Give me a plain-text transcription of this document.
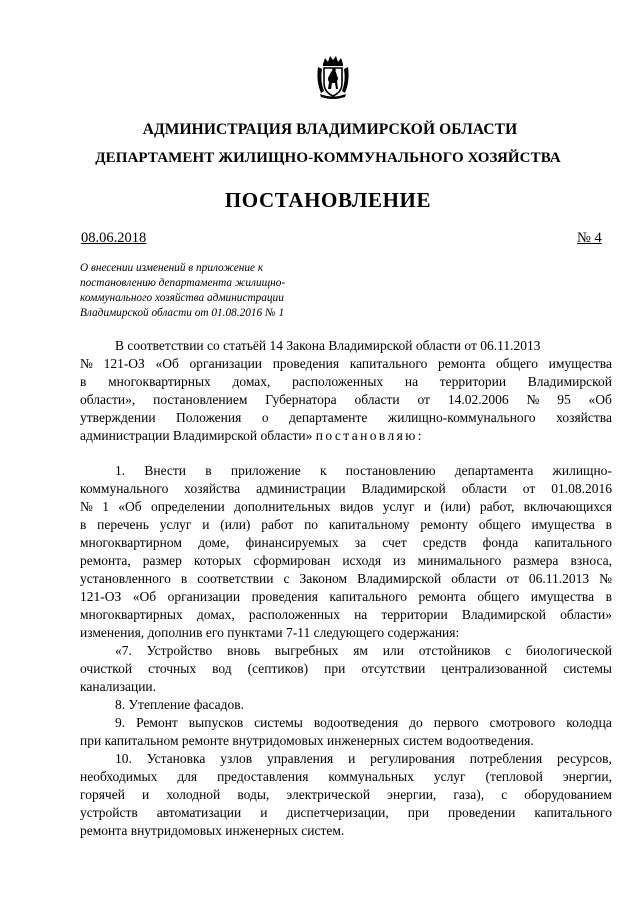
АДМИНИСТРАЦИЯ ВЛАДИМИРСКОЙ ОБЛАСТИ
ДЕПАРТАМЕНТ ЖИЛИЩНО-КОММУНАЛЬНОГО ХОЗЯЙСТВА
ПОСТАНОВЛЕНИЕ
08.06.2018	№ 4
О внесении изменений в приложение к
постановлению департамента жилищно-
коммунального хозяйства администрации
Владимирской области от 01.08.2016 № 1
В соответствии со статьёй 14 Закона Владимирской области от 06.11.2013
№ 121-ОЗ «Об организации проведения капитального ремонта общего имущества
в многоквартирных домах, расположенных на территории Владимирской
области», постановлением Губернатора области от 14.02.2006 № 95 «Об
утверждении Положения о департаменте жилищно-коммунального хозяйства
администрации Владимирской области» постановляю:
1. Внести в приложение к постановлению департамента жилищно-
коммунального хозяйства администрации Владимирской области от 01.08.2016
№ 1 «Об определении дополнительных видов услуг и (или) работ, включающихся
в перечень услуг и (или) работ по капитальному ремонту общего имущества в
многоквартирном доме, финансируемых за счет средств фонда капитального
ремонта, размер которых сформирован исходя из минимального размера взноса,
установленного в соответствии с Законом Владимирской области от 06.11.2013 №
121-ОЗ «Об организации проведения капитального ремонта общего имущества в
многоквартирных домах, расположенных на территории Владимирской области»
изменения, дополнив его пунктами 7-11 следующего содержания:
«7. Устройство вновь выгребных ям или отстойников с биологической
очисткой сточных вод (септиков) при отсутствии централизованной системы
канализации.
8. Утепление фасадов.
9. Ремонт выпусков системы водоотведения до первого смотрового колодца
при капитальном ремонте внутридомовых инженерных систем водоотведения.
10. Установка узлов управления и регулирования потребления ресурсов,
необходимых для предоставления коммунальных услуг (тепловой энергии,
горячей и холодной воды, электрической энергии, газа), с оборудованием
устройств автоматизации и диспетчеризации, при проведении капитального
ремонта внутридомовых инженерных систем.
